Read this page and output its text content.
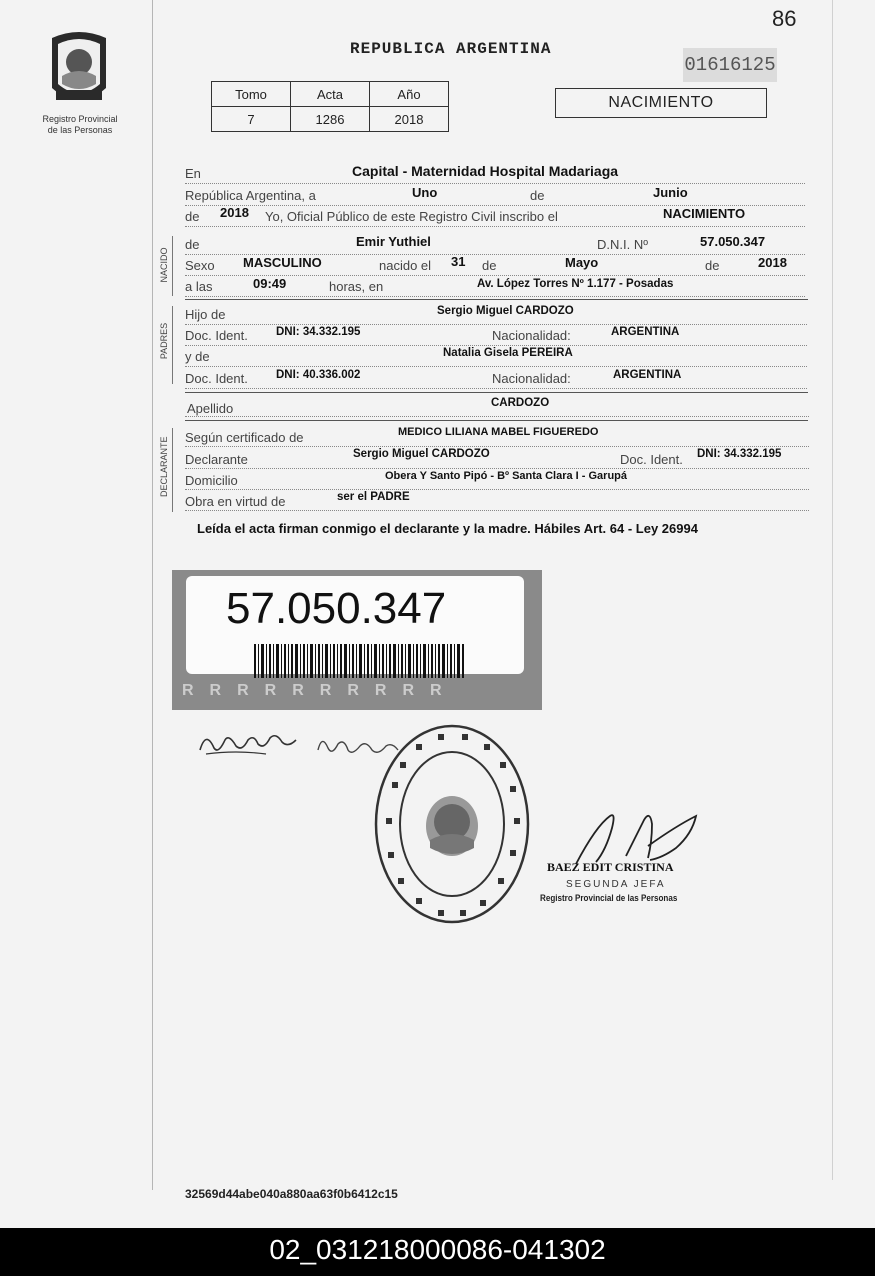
Registro Provincial
de las Personas
86
REPUBLICA ARGENTINA
01616125
Tomo	Acta	Año
7	1286	2018
NACIMIENTO
En	Capital - Maternidad Hospital Madariaga
República Argentina, a	Uno	de	Junio
de 2018 Yo, Oficial Público de este Registro Civil inscribo el	NACIMIENTO
NACIDO
de	Emir Yuthiel	D.N.I. Nº	57.050.347
Sexo MASCULINO	nacido el 31 de	Mayo	de	2018
a las	09:49	horas, en	Av. López Torres Nº 1.177 - Posadas
PADRES
Hijo de	Sergio Miguel CARDOZO
Doc. Ident. DNI: 34.332.195	Nacionalidad:	ARGENTINA
y de	Natalia Gisela PEREIRA
Doc. Ident. DNI: 40.336.002	Nacionalidad:	ARGENTINA
Apellido	CARDOZO
DECLARANTE Según certificado de	MEDICO LILIANA MABEL FIGUEREDO
Declarante	Sergio Miguel CARDOZO	Doc. Ident. DNI: 34.332.195
Domicilio	Obera Y Santo Pipó - Bº Santa Clara I - Garupá
Obra en virtud de	ser el PADRE
Leída el acta firman conmigo el declarante y la madre. Hábiles Art. 64 - Ley 26994
57.050.347
RRRRRRRRRR
BAEZ EDIT CRISTINA
SEGUNDA JEFA
Registro Provincial de las Personas
32569d44abe040a880aa63f0b6412c15
02_031218000086-041302
